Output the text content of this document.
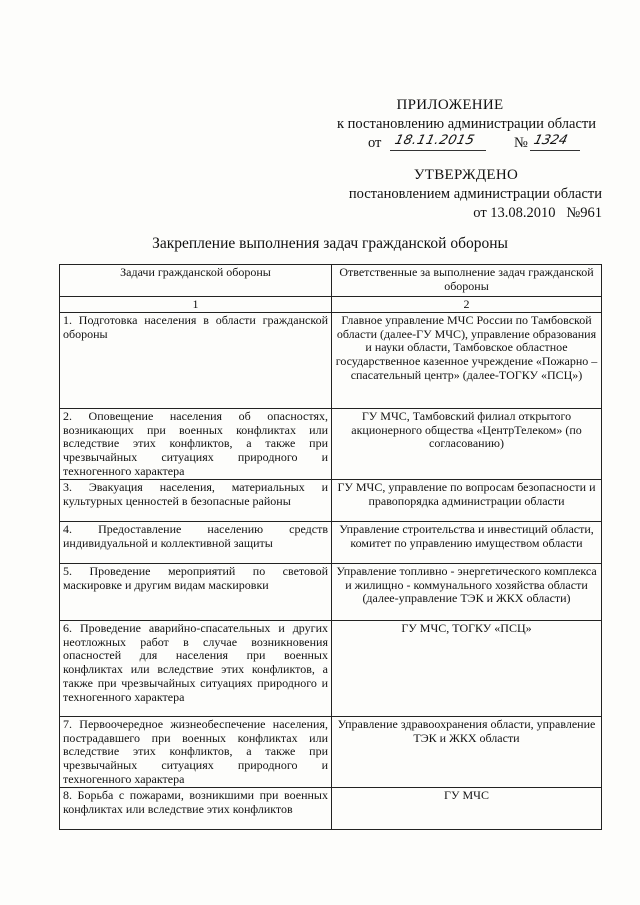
ПРИЛОЖЕНИЕ
к постановлению администрации области
от 18.11.2015	№ 1324
УТВЕРЖДЕНО
постановлением администрации области
от 13.08.2010   №961
Закрепление выполнения задач гражданской обороны
Задачи гражданской обороны	Ответственные за выполнение задач гражданской обороны
1	2
1. Подготовка населения в области гражданской обороны	Главное управление МЧС России по Тамбовской области (далее-ГУ МЧС), управление образования и науки области, Тамбовское областное государственное казенное учреждение «Пожарно – спасательный центр» (далее-ТОГКУ «ПСЦ»)
2. Оповещение населения об опасностях, возникающих при военных конфликтах или вследствие этих конфликтов, а также при чрезвычайных ситуациях природного и техногенного характера	ГУ МЧС, Тамбовский филиал открытого акционерного общества «ЦентрТелеком» (по согласованию)
3. Эвакуация населения, материальных и культурных ценностей в безопасные районы	ГУ МЧС, управление по вопросам безопасности и правопорядка администрации области
4. Предоставление населению средств индивидуальной и коллективной защиты	Управление строительства и инвестиций области, комитет по управлению имуществом области
5. Проведение мероприятий по световой маскировке и другим видам маскировки	Управление топливно - энергетического комплекса и жилищно - коммунального хозяйства области (далее-управление ТЭК и ЖКХ области)
6. Проведение аварийно-спасательных и других неотложных работ в случае возникновения опасностей для населения при военных конфликтах или вследствие этих конфликтов, а также при чрезвычайных ситуациях природного и техногенного характера	ГУ МЧС, ТОГКУ «ПСЦ»
7. Первоочередное жизнеобеспечение населения, пострадавшего при военных конфликтах или вследствие этих конфликтов, а также при чрезвычайных ситуациях природного и техногенного характера	Управление здравоохранения области, управление ТЭК и ЖКХ области
8. Борьба с пожарами, возникшими при военных конфликтах или вследствие этих конфликтов	ГУ МЧС
